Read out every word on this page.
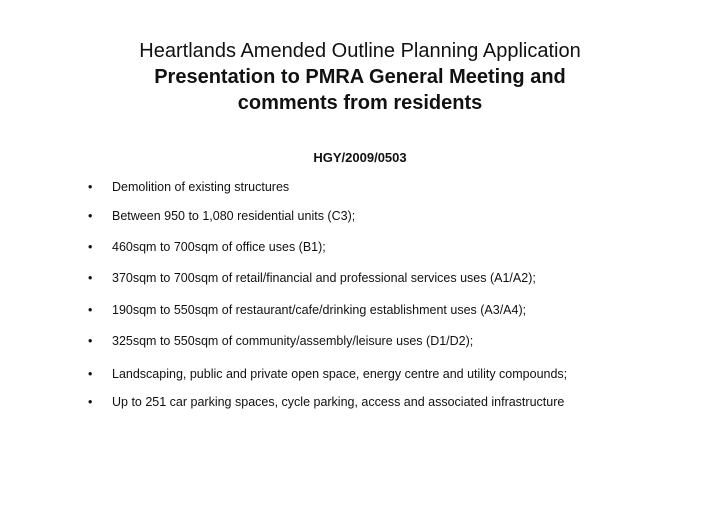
Heartlands Amended Outline Planning Application
Presentation to PMRA General Meeting and
comments from residents
HGY/2009/0503
• Demolition of existing structures
• Between 950 to 1,080 residential units (C3);
• 460sqm to 700sqm of office uses (B1);
• 370sqm to 700sqm of retail/financial and professional services uses (A1/A2);
• 190sqm to 550sqm of restaurant/cafe/drinking establishment uses (A3/A4);
• 325sqm to 550sqm of community/assembly/leisure uses (D1/D2);
• Landscaping, public and private open space, energy centre and utility compounds;
• Up to 251 car parking spaces, cycle parking, access and associated infrastructure
